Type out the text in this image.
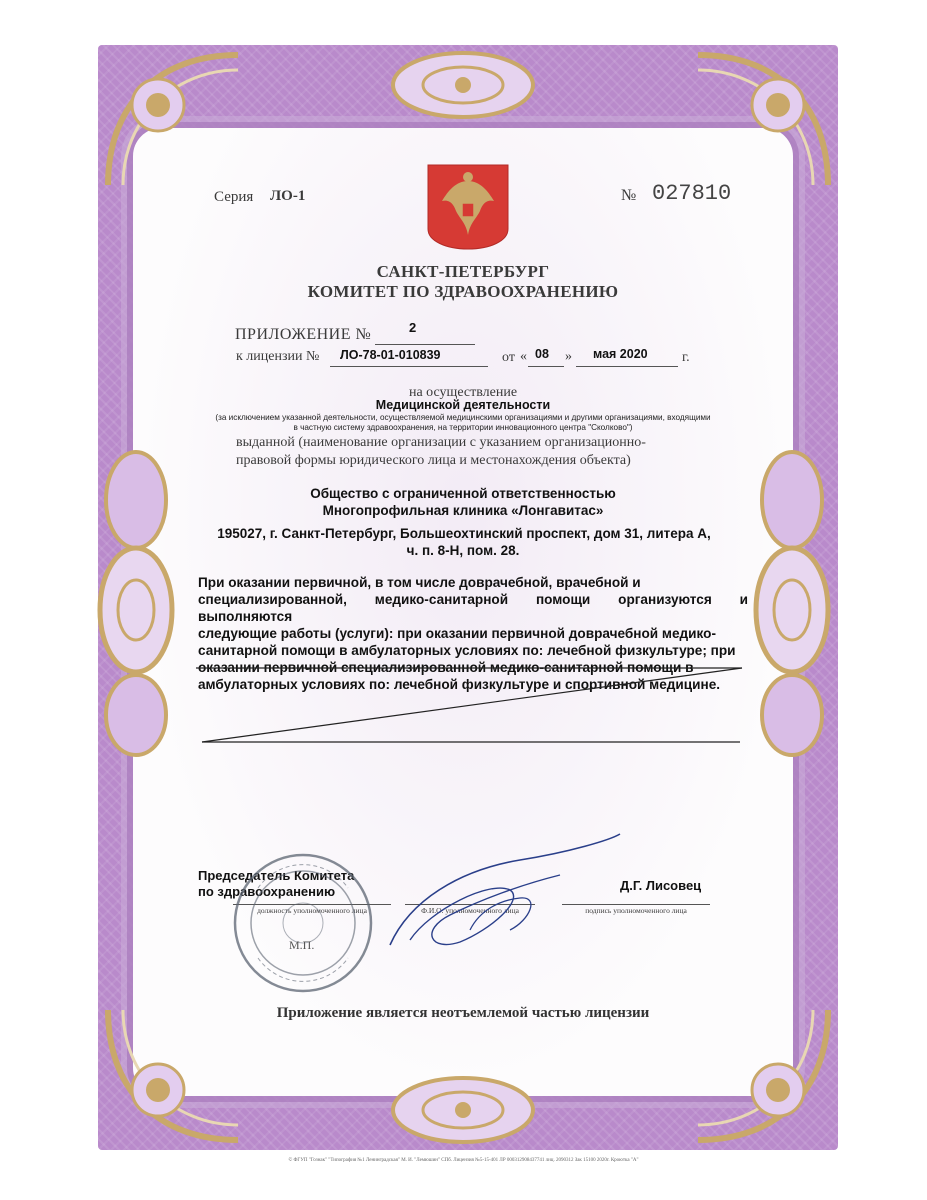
Серия ЛО-1	№ 027810
САНКТ-ПЕТЕРБУРГ
КОМИТЕТ ПО ЗДРАВООХРАНЕНИЮ
ПРИЛОЖЕНИЕ №	2
к лицензии № ЛО-78-01-010839	от « 08 » мая 2020 г.
на осуществление
Медицинской деятельности
(за исключением указанной деятельности, осуществляемой медицинскими организациями и другими организациями, входящими
в частную систему здравоохранения, на территории инновационного центра "Сколково")
выданной (наименование организации с указанием организационно-
правовой формы юридического лица и местонахождения объекта)
Общество с ограниченной ответственностью
Многопрофильная клиника «Лонгавитас»
195027, г. Санкт-Петербург, Большеохтинский проспект, дом 31, литера А,
ч. п. 8-Н, пом. 28.
При оказании первичной, в том числе доврачебной, врачебной и
специализированной, медико-санитарной помощи организуются и выполняются
следующие работы (услуги): при оказании первичной доврачебной медико-
санитарной помощи в амбулаторных условиях по: лечебной физкультуре; при
оказании первичной специализированной медико-санитарной помощи в
амбулаторных условиях по: лечебной физкультуре и спортивной медицине.
Председатель Комитета
по здравоохранению	Д.Г. Лисовец
должность уполномоченного лица	Ф.И.О. уполномоченного лица	подпись уполномоченного лица
М.П.
Приложение является неотъемлемой частью лицензии
© ФГУП "Гознак" "Типография №1 Ленинградская" М. И. "Лемюшин" СПб. Лицензия №5-15-401 ЛР 000312908437741 лиц. 2090312 Зак 15100 2020г. Кроютка "А"
